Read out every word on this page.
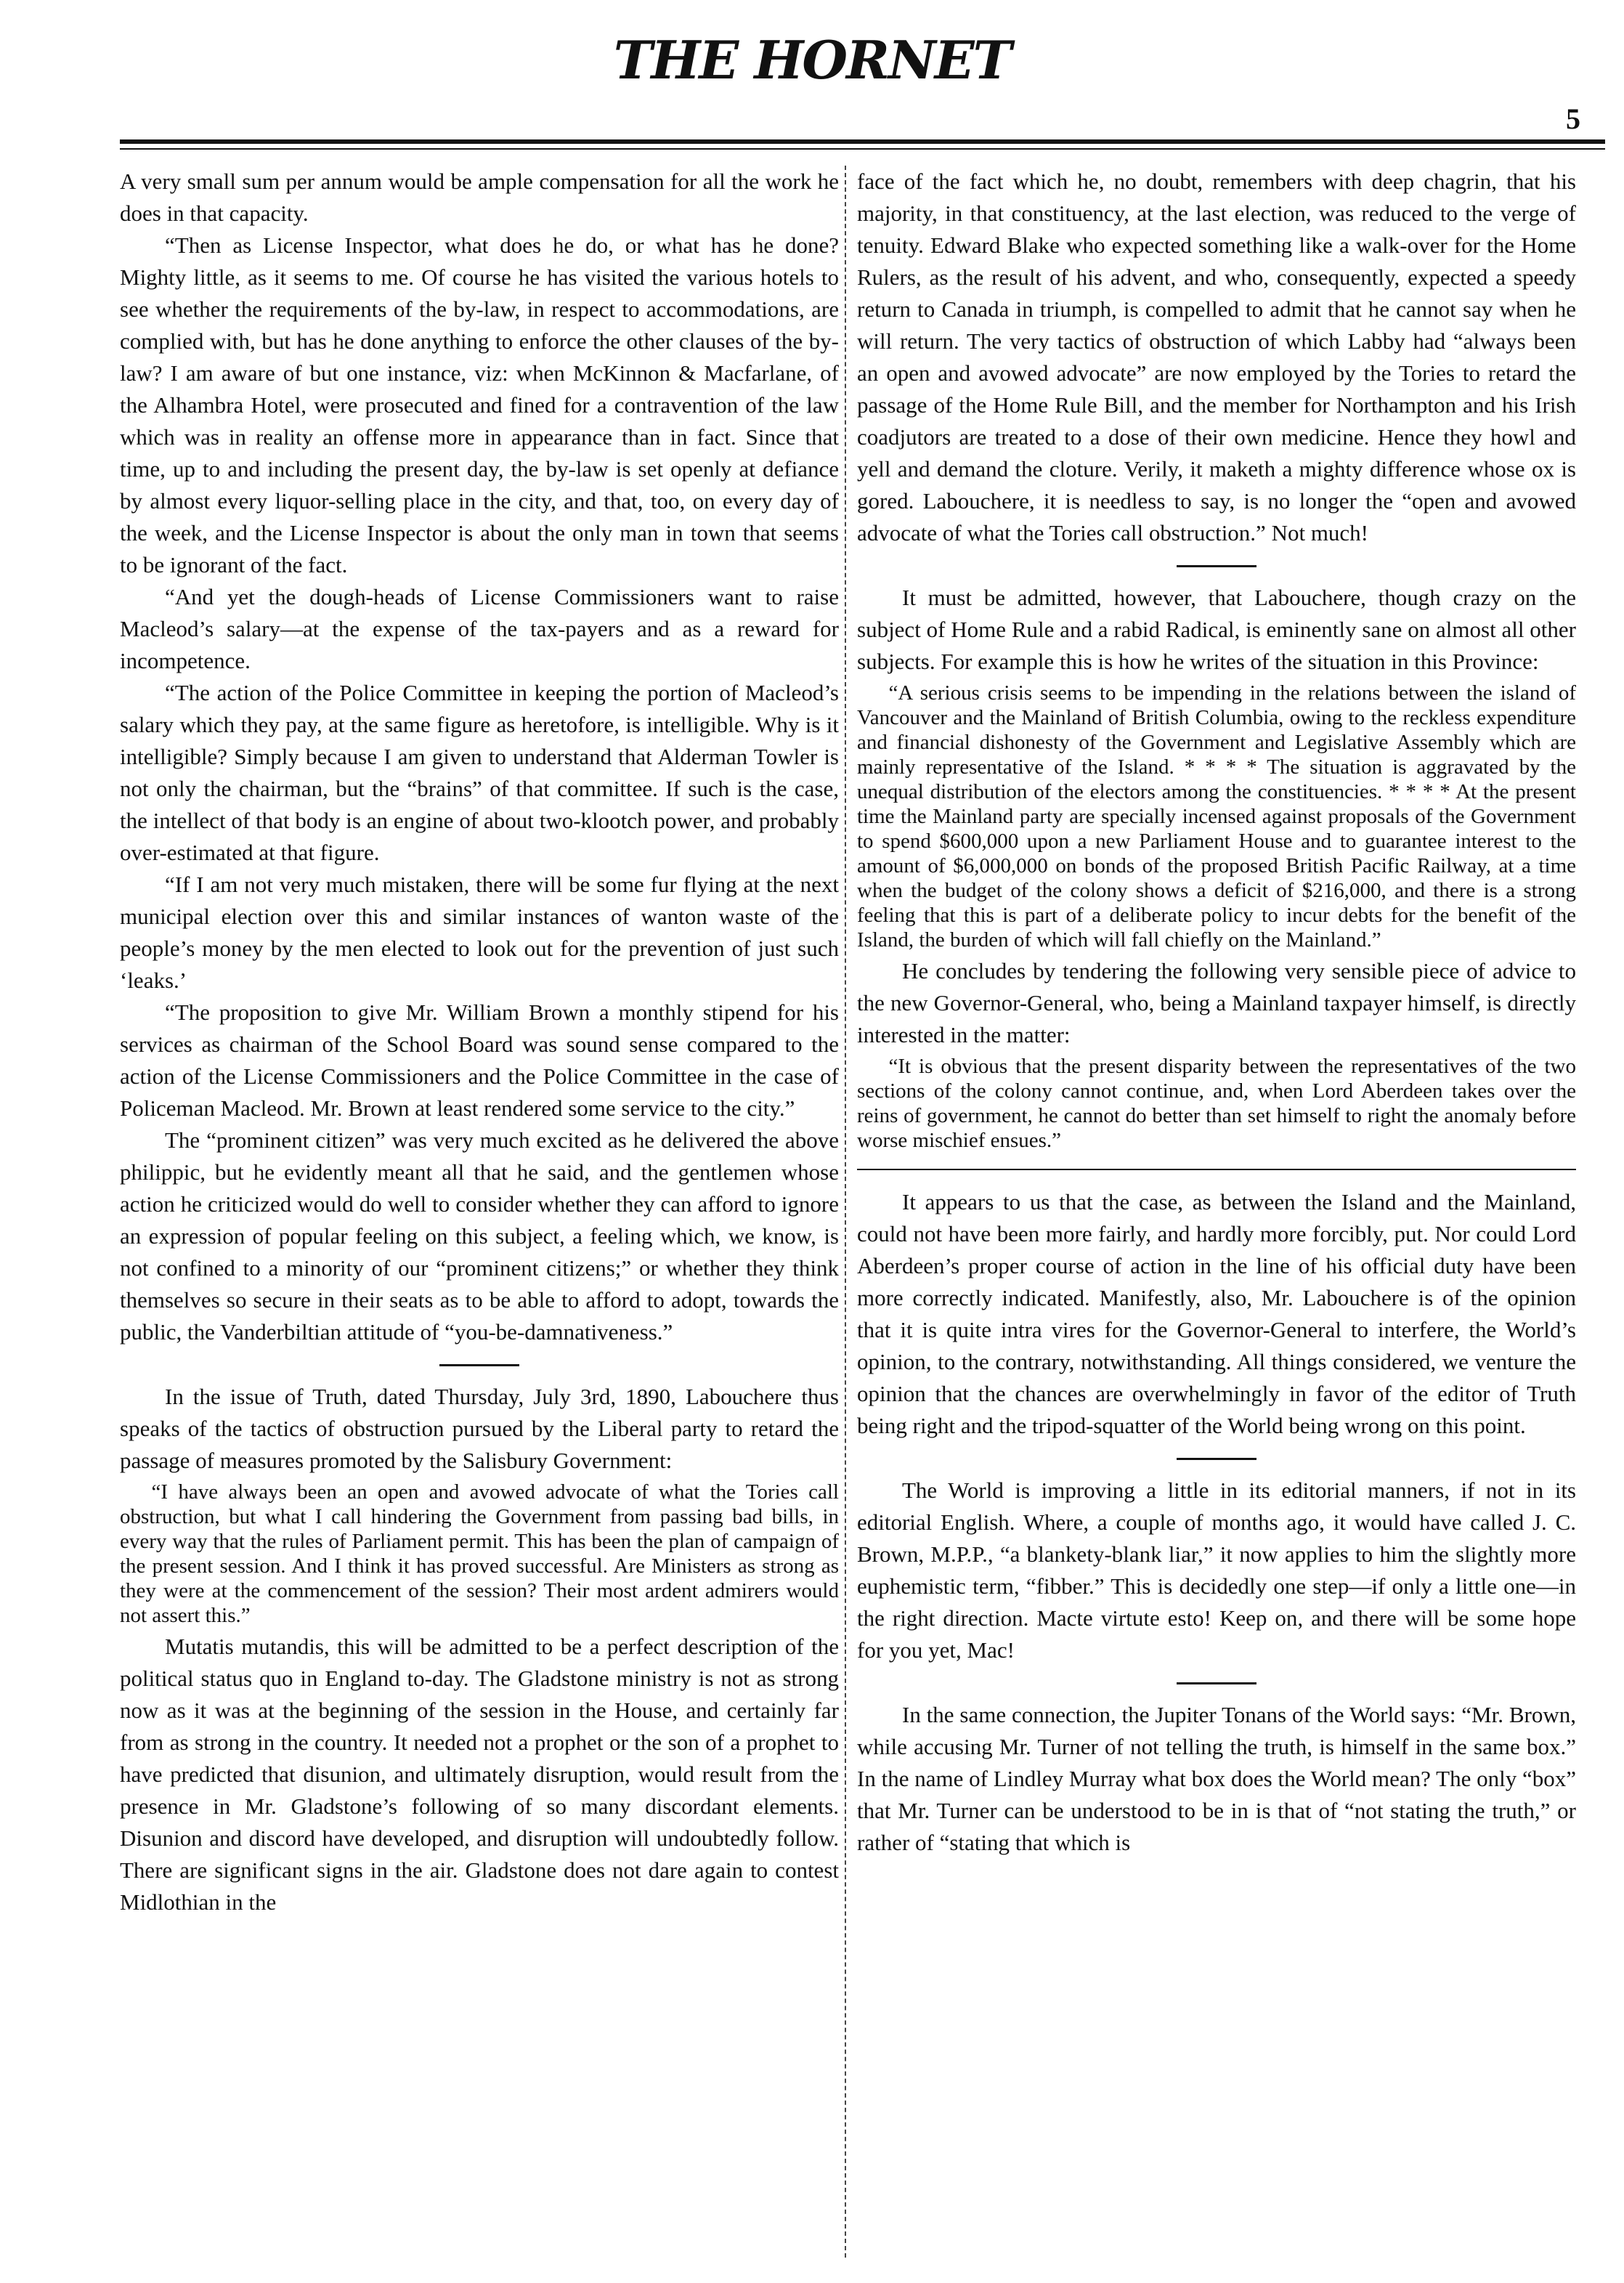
THE HORNET
5

A very small sum per annum would be ample compensation for all the work he does in that capacity.

“Then as License Inspector, what does he do, or what has he done? Mighty little, as it seems to me. Of course he has visited the various hotels to see whether the requirements of the by-law, in respect to accommodations, are complied with, but has he done anything to enforce the other clauses of the by-law? I am aware of but one instance, viz: when McKinnon & Macfarlane, of the Alhambra Hotel, were prosecuted and fined for a contravention of the law which was in reality an offense more in appearance than in fact. Since that time, up to and including the present day, the by-law is set openly at defiance by almost every liquor-selling place in the city, and that, too, on every day of the week, and the License Inspector is about the only man in town that seems to be ignorant of the fact.

“And yet the dough-heads of License Commissioners want to raise Macleod’s salary—at the expense of the tax-payers and as a reward for incompetence.

“The action of the Police Committee in keeping the portion of Macleod’s salary which they pay, at the same figure as heretofore, is intelligible. Why is it intelligible? Simply because I am given to understand that Alderman Towler is not only the chairman, but the “brains” of that committee. If such is the case, the intellect of that body is an engine of about two-klootch power, and probably over-estimated at that figure.

“If I am not very much mistaken, there will be some fur flying at the next municipal election over this and similar instances of wanton waste of the people’s money by the men elected to look out for the prevention of just such ‘leaks.’

“The proposition to give Mr. William Brown a monthly stipend for his services as chairman of the School Board was sound sense compared to the action of the License Commissioners and the Police Committee in the case of Policeman Macleod. Mr. Brown at least rendered some service to the city.”

The “prominent citizen” was very much excited as he delivered the above philippic, but he evidently meant all that he said, and the gentlemen whose action he criticized would do well to consider whether they can afford to ignore an expression of popular feeling on this subject, a feeling which, we know, is not confined to a minority of our “prominent citizens;” or whether they think themselves so secure in their seats as to be able to afford to adopt, towards the public, the Vanderbiltian attitude of “you-be-damnativeness.”

In the issue of Truth, dated Thursday, July 3rd, 1890, Labouchere thus speaks of the tactics of obstruction pursued by the Liberal party to retard the passage of measures promoted by the Salisbury Government:

“I have always been an open and avowed advocate of what the Tories call obstruction, but what I call hindering the Government from passing bad bills, in every way that the rules of Parliament permit. This has been the plan of campaign of the present session. And I think it has proved successful. Are Ministers as strong as they were at the commencement of the session? Their most ardent admirers would not assert this.”

Mutatis mutandis, this will be admitted to be a perfect description of the political status quo in England to-day. The Gladstone ministry is not as strong now as it was at the beginning of the session in the House, and certainly far from as strong in the country. It needed not a prophet or the son of a prophet to have predicted that disunion, and ultimately disruption, would result from the presence in Mr. Gladstone’s following of so many discordant elements. Disunion and discord have developed, and disruption will undoubtedly follow. There are significant signs in the air. Gladstone does not dare again to contest Midlothian in the

face of the fact which he, no doubt, remembers with deep chagrin, that his majority, in that constituency, at the last election, was reduced to the verge of tenuity. Edward Blake who expected something like a walk-over for the Home Rulers, as the result of his advent, and who, consequently, expected a speedy return to Canada in triumph, is compelled to admit that he cannot say when he will return. The very tactics of obstruction of which Labby had “always been an open and avowed advocate” are now employed by the Tories to retard the passage of the Home Rule Bill, and the member for Northampton and his Irish coadjutors are treated to a dose of their own medicine. Hence they howl and yell and demand the cloture. Verily, it maketh a mighty difference whose ox is gored. Labouchere, it is needless to say, is no longer the “open and avowed advocate of what the Tories call obstruction.” Not much!

It must be admitted, however, that Labouchere, though crazy on the subject of Home Rule and a rabid Radical, is eminently sane on almost all other subjects. For example this is how he writes of the situation in this Province:

“A serious crisis seems to be impending in the relations between the island of Vancouver and the Mainland of British Columbia, owing to the reckless expenditure and financial dishonesty of the Government and Legislative Assembly which are mainly representative of the Island. * * * * The situation is aggravated by the unequal distribution of the electors among the constituencies. * * * * At the present time the Mainland party are specially incensed against proposals of the Government to spend $600,000 upon a new Parliament House and to guarantee interest to the amount of $6,000,000 on bonds of the proposed British Pacific Railway, at a time when the budget of the colony shows a deficit of $216,000, and there is a strong feeling that this is part of a deliberate policy to incur debts for the benefit of the Island, the burden of which will fall chiefly on the Mainland.”

He concludes by tendering the following very sensible piece of advice to the new Governor-General, who, being a Mainland taxpayer himself, is directly interested in the matter:

“It is obvious that the present disparity between the representatives of the two sections of the colony cannot continue, and, when Lord Aberdeen takes over the reins of government, he cannot do better than set himself to right the anomaly before worse mischief ensues.”

It appears to us that the case, as between the Island and the Mainland, could not have been more fairly, and hardly more forcibly, put. Nor could Lord Aberdeen’s proper course of action in the line of his official duty have been more correctly indicated. Manifestly, also, Mr. Labouchere is of the opinion that it is quite intra vires for the Governor-General to interfere, the World’s opinion, to the contrary, notwithstanding. All things considered, we venture the opinion that the chances are overwhelmingly in favor of the editor of Truth being right and the tripod-squatter of the World being wrong on this point.

The World is improving a little in its editorial manners, if not in its editorial English. Where, a couple of months ago, it would have called J. C. Brown, M.P.P., “a blankety-blank liar,” it now applies to him the slightly more euphemistic term, “fibber.” This is decidedly one step—if only a little one—in the right direction. Macte virtute esto! Keep on, and there will be some hope for you yet, Mac!

In the same connection, the Jupiter Tonans of the World says: “Mr. Brown, while accusing Mr. Turner of not telling the truth, is himself in the same box.” In the name of Lindley Murray what box does the World mean? The only “box” that Mr. Turner can be understood to be in is that of “not stating the truth,” or rather of “stating that which is
